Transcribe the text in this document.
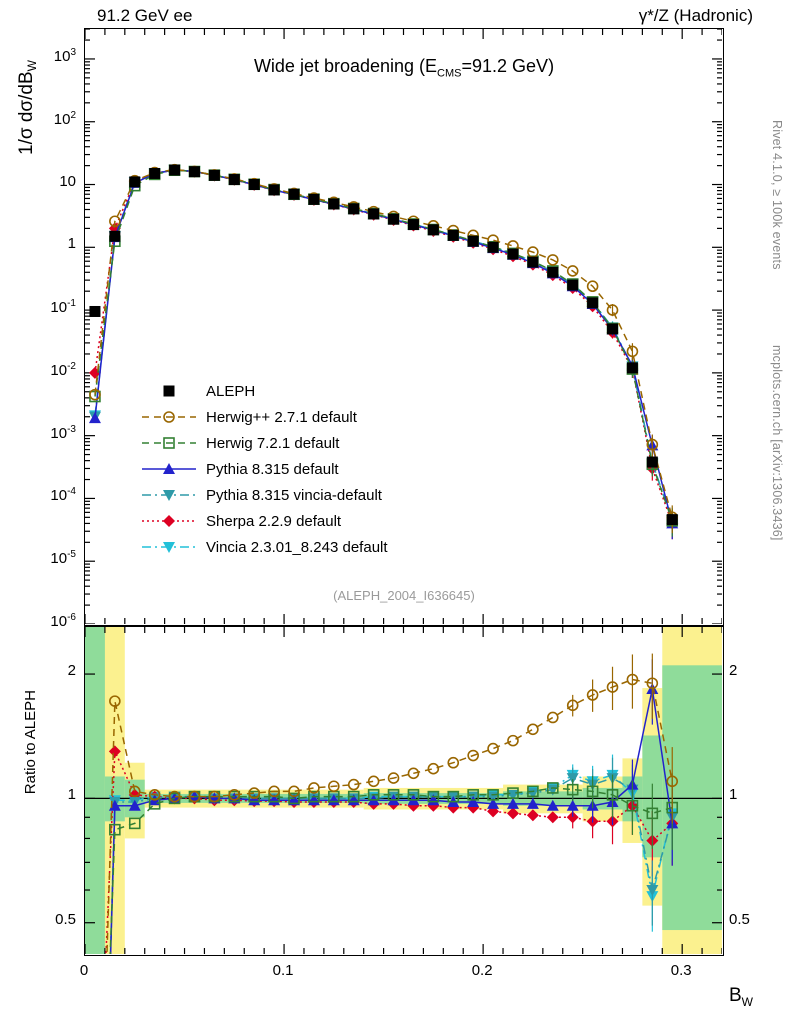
91.2 GeV ee	γ*/Z (Hadronic)
Rivet 4.1.0, ≥ 100k events
mcplots.cern.ch [arXiv:1306.3436]
1/σ $d\sigma/dB_W$
Ratio to ALEPH
$B_W$
Wide jet broadening ($E_{CMS}=91.2$ GeV)
(ALEPH_2004_I636645)
ALEPH
Herwig++ 2.7.1 default
Herwig 7.2.1 default
Pythia 8.315 default
Pythia 8.315 vincia-default
Sherpa 2.2.9 default
Vincia 2.3.01_8.243 default
$10^3$
$10^2$
10
1
$10^{-1}$
$10^{-2}$
$10^{-3}$
$10^{-4}$
$10^{-5}$
$10^{-6}$
2	2
1	1
0.5	0.5
0	0.1	0.2	0.3
